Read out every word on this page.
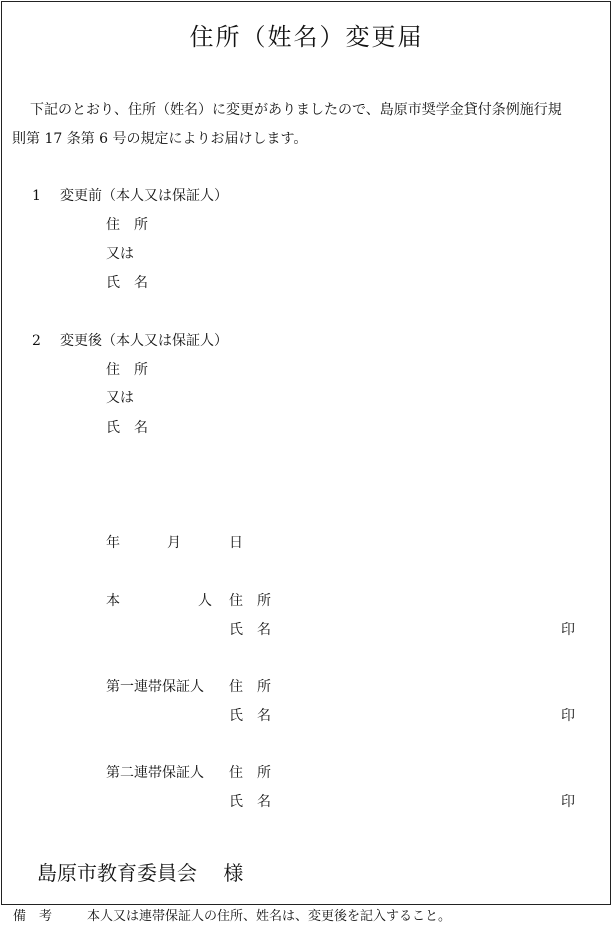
住所（姓名）変更届
下記のとおり、住所（姓名）に変更がありましたので、島原市奨学金貸付条例施行規
則第 17 条第 6 号の規定によりお届けします。
1 変更前（本人又は保証人）
住　所
又は
氏　名
2 変更後（本人又は保証人）
住　所
又は
氏　名
年	月	日
本	人 住　所
氏　名	印
第一連帯保証人 住　所
氏　名	印
第二連帯保証人 住　所
氏　名	印
島原市教育委員会　 様
備　考	本人又は連帯保証人の住所、姓名は、変更後を記入すること。
